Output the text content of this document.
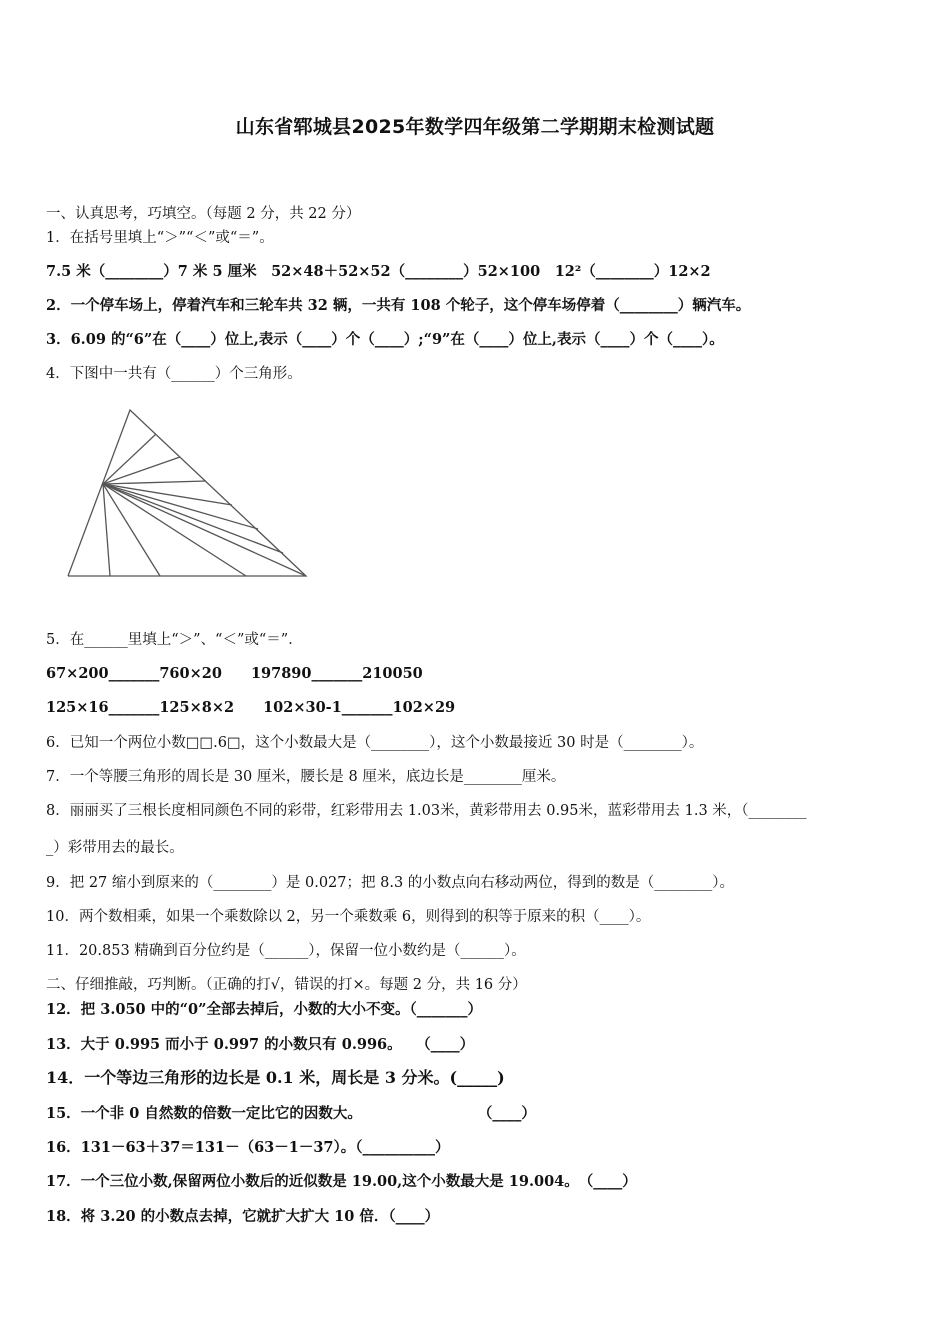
山东省郓城县2025年数学四年级第二学期期末检测试题
一、认真思考，巧填空。（每题 2 分，共 22 分）
1．在括号里填上“＞”“＜”或“＝”。
7.5 米（________）7 米 5 厘米　52×48＋52×52（________）52×100　12²（________）12×2
2．一个停车场上，停着汽车和三轮车共 32 辆，一共有 108 个轮子，这个停车场停着（________）辆汽车。
3．6.09 的“6”在（____）位上,表示（____）个（____）;“9”在（____）位上,表示（____）个（____）。
4．下图中一共有（______）个三角形。
5．在______里填上“＞”、“＜”或“＝”．
67×200_______760×20　　197890_______210050
125×16_______125×8×2　　102×30-1_______102×29
6．已知一个两位小数□□.6□，这个小数最大是（________），这个小数最接近 30 时是（________）。
7．一个等腰三角形的周长是 30 厘米，腰长是 8 厘米，底边长是________厘米。
8．丽丽买了三根长度相同颜色不同的彩带，红彩带用去 1.03米，黄彩带用去 0.95米，蓝彩带用去 1.3 米，（________
_）彩带用去的最长。
9．把 27 缩小到原来的（________）是 0.027；把 8.3 的小数点向右移动两位，得到的数是（________）。
10．两个数相乘，如果一个乘数除以 2，另一个乘数乘 6，则得到的积等于原来的积（____）。
11．20.853 精确到百分位约是（______），保留一位小数约是（______）。
二、仔细推敲，巧判断。（正确的打√，错误的打×。每题 2 分，共 16 分）
12．把 3.050 中的“0”全部去掉后，小数的大小不变。（_______）
13．大于 0.995 而小于 0.997 的小数只有 0.996。　　（____）
14．一个等边三角形的边长是 0.1 米，周长是 3 分米。(_____)
15．一个非 0 自然数的倍数一定比它的因数大。　　　　　　　　　（____）
16．131－63＋37＝131－（63－1－37）。（__________）
17．一个三位小数,保留两位小数后的近似数是 19.00,这个小数最大是 19.004。　（____）
18．将 3.20 的小数点去掉，它就扩大扩大 10 倍．（____）
